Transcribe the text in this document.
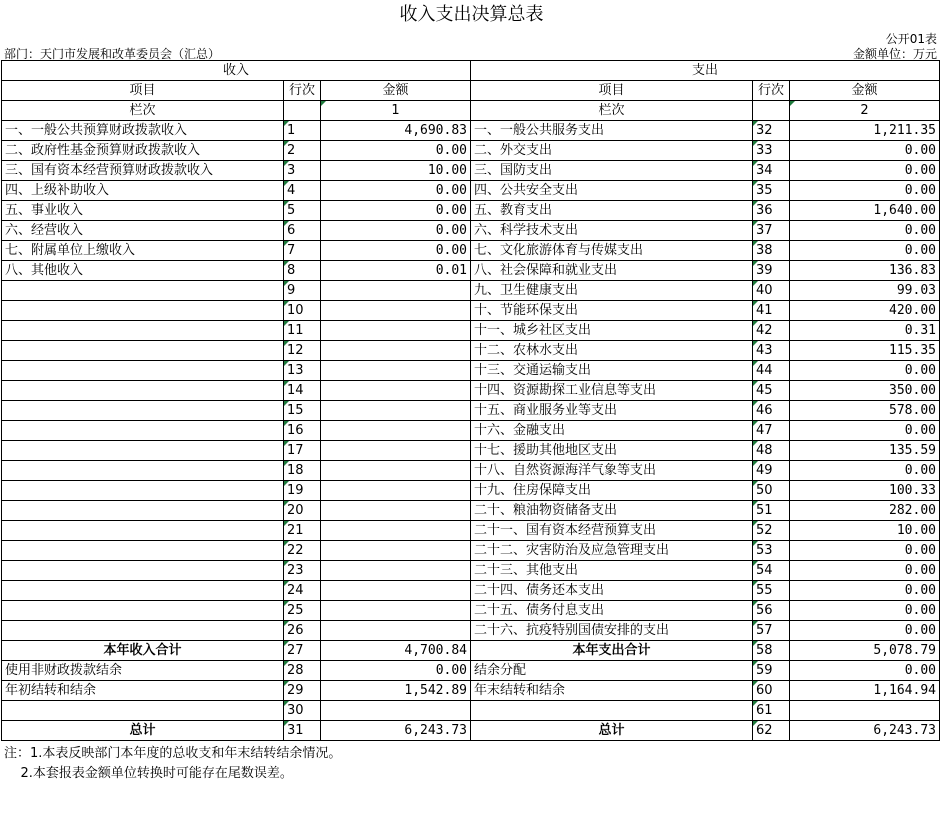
收入支出决算总表
公开01表
部门：天门市发展和改革委员会（汇总）	金额单位：万元
收入			支出		
项目	行次	金额	项目	行次	金额
栏次		1	栏次		2
一、一般公共预算财政拨款收入	1	4,690.83	一、一般公共服务支出	32	1,211.35
二、政府性基金预算财政拨款收入	2	0.00	二、外交支出	33	0.00
三、国有资本经营预算财政拨款收入	3	10.00	三、国防支出	34	0.00
四、上级补助收入	4	0.00	四、公共安全支出	35	0.00
五、事业收入	5	0.00	五、教育支出	36	1,640.00
六、经营收入	6	0.00	六、科学技术支出	37	0.00
七、附属单位上缴收入	7	0.00	七、文化旅游体育与传媒支出	38	0.00
八、其他收入	8	0.01	八、社会保障和就业支出	39	136.83
	9		九、卫生健康支出	40	99.03
	10		十、节能环保支出	41	420.00
	11		十一、城乡社区支出	42	0.31
	12		十二、农林水支出	43	115.35
	13		十三、交通运输支出	44	0.00
	14		十四、资源勘探工业信息等支出	45	350.00
	15		十五、商业服务业等支出	46	578.00
	16		十六、金融支出	47	0.00
	17		十七、援助其他地区支出	48	135.59
	18		十八、自然资源海洋气象等支出	49	0.00
	19		十九、住房保障支出	50	100.33
	20		二十、粮油物资储备支出	51	282.00
	21		二十一、国有资本经营预算支出	52	10.00
	22		二十二、灾害防治及应急管理支出	53	0.00
	23		二十三、其他支出	54	0.00
	24		二十四、债务还本支出	55	0.00
	25		二十五、债务付息支出	56	0.00
	26		二十六、抗疫特别国债安排的支出	57	0.00
本年收入合计	27	4,700.84	本年支出合计	58	5,078.79
使用非财政拨款结余	28	0.00	结余分配	59	0.00
年初结转和结余	29	1,542.89	年末结转和结余	60	1,164.94
	30			61	
总计	31	6,243.73	总计	62	6,243.73
注：1.本表反映部门本年度的总收支和年末结转结余情况。
2.本套报表金额单位转换时可能存在尾数误差。
